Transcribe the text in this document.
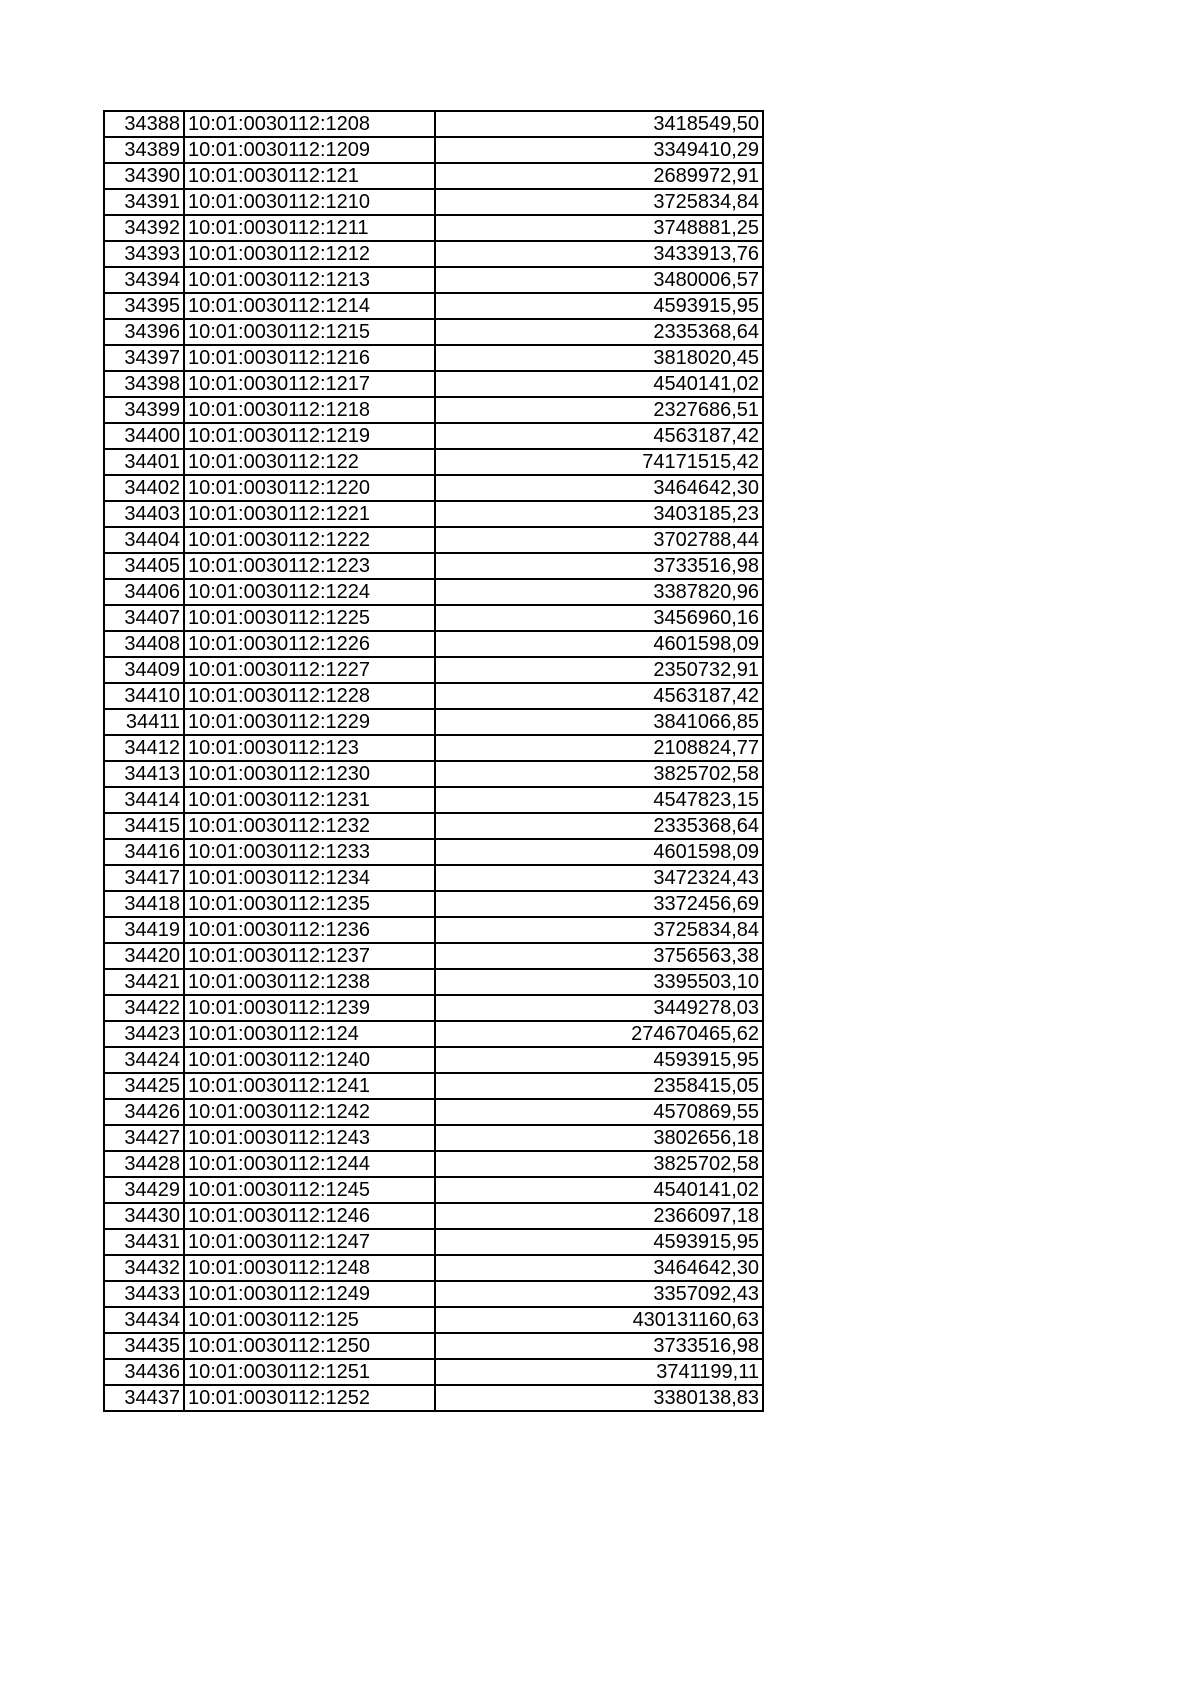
34388	10:01:0030112:1208	3418549,50
34389	10:01:0030112:1209	3349410,29
34390	10:01:0030112:121	2689972,91
34391	10:01:0030112:1210	3725834,84
34392	10:01:0030112:1211	3748881,25
34393	10:01:0030112:1212	3433913,76
34394	10:01:0030112:1213	3480006,57
34395	10:01:0030112:1214	4593915,95
34396	10:01:0030112:1215	2335368,64
34397	10:01:0030112:1216	3818020,45
34398	10:01:0030112:1217	4540141,02
34399	10:01:0030112:1218	2327686,51
34400	10:01:0030112:1219	4563187,42
34401	10:01:0030112:122	74171515,42
34402	10:01:0030112:1220	3464642,30
34403	10:01:0030112:1221	3403185,23
34404	10:01:0030112:1222	3702788,44
34405	10:01:0030112:1223	3733516,98
34406	10:01:0030112:1224	3387820,96
34407	10:01:0030112:1225	3456960,16
34408	10:01:0030112:1226	4601598,09
34409	10:01:0030112:1227	2350732,91
34410	10:01:0030112:1228	4563187,42
34411	10:01:0030112:1229	3841066,85
34412	10:01:0030112:123	2108824,77
34413	10:01:0030112:1230	3825702,58
34414	10:01:0030112:1231	4547823,15
34415	10:01:0030112:1232	2335368,64
34416	10:01:0030112:1233	4601598,09
34417	10:01:0030112:1234	3472324,43
34418	10:01:0030112:1235	3372456,69
34419	10:01:0030112:1236	3725834,84
34420	10:01:0030112:1237	3756563,38
34421	10:01:0030112:1238	3395503,10
34422	10:01:0030112:1239	3449278,03
34423	10:01:0030112:124	274670465,62
34424	10:01:0030112:1240	4593915,95
34425	10:01:0030112:1241	2358415,05
34426	10:01:0030112:1242	4570869,55
34427	10:01:0030112:1243	3802656,18
34428	10:01:0030112:1244	3825702,58
34429	10:01:0030112:1245	4540141,02
34430	10:01:0030112:1246	2366097,18
34431	10:01:0030112:1247	4593915,95
34432	10:01:0030112:1248	3464642,30
34433	10:01:0030112:1249	3357092,43
34434	10:01:0030112:125	430131160,63
34435	10:01:0030112:1250	3733516,98
34436	10:01:0030112:1251	3741199,11
34437	10:01:0030112:1252	3380138,83
